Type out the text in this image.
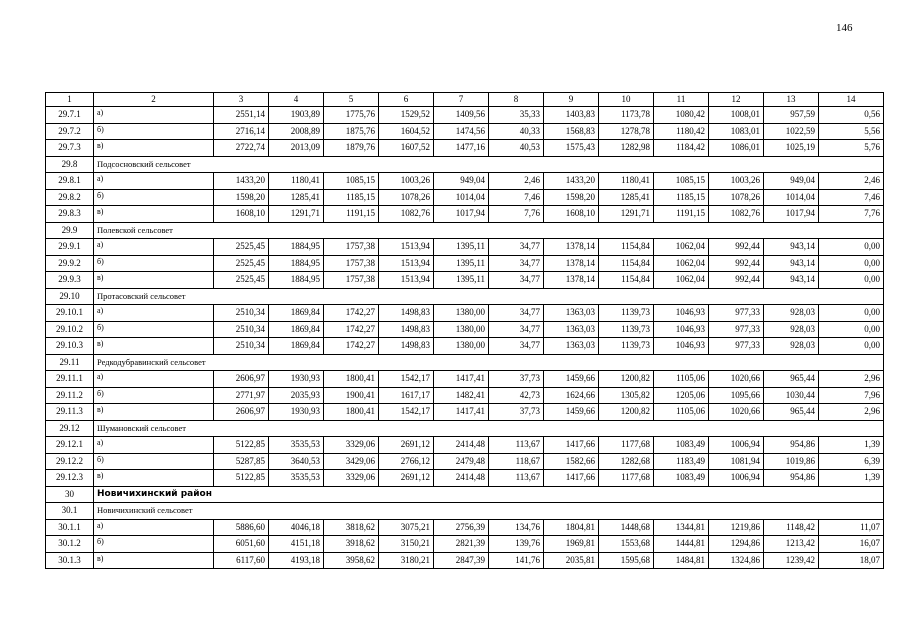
146
1	2	3	4	5	6	7	8	9	10	11	12	13	14
29.7.1	а)	2551,14	1903,89	1775,76	1529,52	1409,56	35,33	1403,83	1173,78	1080,42	1008,01	957,59	0,56
29.7.2	б)	2716,14	2008,89	1875,76	1604,52	1474,56	40,33	1568,83	1278,78	1180,42	1083,01	1022,59	5,56
29.7.3	в)	2722,74	2013,09	1879,76	1607,52	1477,16	40,53	1575,43	1282,98	1184,42	1086,01	1025,19	5,76
29.8	Подсосновский сельсовет												
29.8.1	а)	1433,20	1180,41	1085,15	1003,26	949,04	2,46	1433,20	1180,41	1085,15	1003,26	949,04	2,46
29.8.2	б)	1598,20	1285,41	1185,15	1078,26	1014,04	7,46	1598,20	1285,41	1185,15	1078,26	1014,04	7,46
29.8.3	в)	1608,10	1291,71	1191,15	1082,76	1017,94	7,76	1608,10	1291,71	1191,15	1082,76	1017,94	7,76
29.9	Полевской сельсовет												
29.9.1	а)	2525,45	1884,95	1757,38	1513,94	1395,11	34,77	1378,14	1154,84	1062,04	992,44	943,14	0,00
29.9.2	б)	2525,45	1884,95	1757,38	1513,94	1395,11	34,77	1378,14	1154,84	1062,04	992,44	943,14	0,00
29.9.3	в)	2525,45	1884,95	1757,38	1513,94	1395,11	34,77	1378,14	1154,84	1062,04	992,44	943,14	0,00
29.10	Протасовский сельсовет												
29.10.1	а)	2510,34	1869,84	1742,27	1498,83	1380,00	34,77	1363,03	1139,73	1046,93	977,33	928,03	0,00
29.10.2	б)	2510,34	1869,84	1742,27	1498,83	1380,00	34,77	1363,03	1139,73	1046,93	977,33	928,03	0,00
29.10.3	в)	2510,34	1869,84	1742,27	1498,83	1380,00	34,77	1363,03	1139,73	1046,93	977,33	928,03	0,00
29.11	Редкодубравинский сельсовет												
29.11.1	а)	2606,97	1930,93	1800,41	1542,17	1417,41	37,73	1459,66	1200,82	1105,06	1020,66	965,44	2,96
29.11.2	б)	2771,97	2035,93	1900,41	1617,17	1482,41	42,73	1624,66	1305,82	1205,06	1095,66	1030,44	7,96
29.11.3	в)	2606,97	1930,93	1800,41	1542,17	1417,41	37,73	1459,66	1200,82	1105,06	1020,66	965,44	2,96
29.12	Шумановский сельсовет												
29.12.1	а)	5122,85	3535,53	3329,06	2691,12	2414,48	113,67	1417,66	1177,68	1083,49	1006,94	954,86	1,39
29.12.2	б)	5287,85	3640,53	3429,06	2766,12	2479,48	118,67	1582,66	1282,68	1183,49	1081,94	1019,86	6,39
29.12.3	в)	5122,85	3535,53	3329,06	2691,12	2414,48	113,67	1417,66	1177,68	1083,49	1006,94	954,86	1,39
30	Новичихинский район												
30.1	Новичихинский сельсовет												
30.1.1	а)	5886,60	4046,18	3818,62	3075,21	2756,39	134,76	1804,81	1448,68	1344,81	1219,86	1148,42	11,07
30.1.2	б)	6051,60	4151,18	3918,62	3150,21	2821,39	139,76	1969,81	1553,68	1444,81	1294,86	1213,42	16,07
30.1.3	в)	6117,60	4193,18	3958,62	3180,21	2847,39	141,76	2035,81	1595,68	1484,81	1324,86	1239,42	18,07
